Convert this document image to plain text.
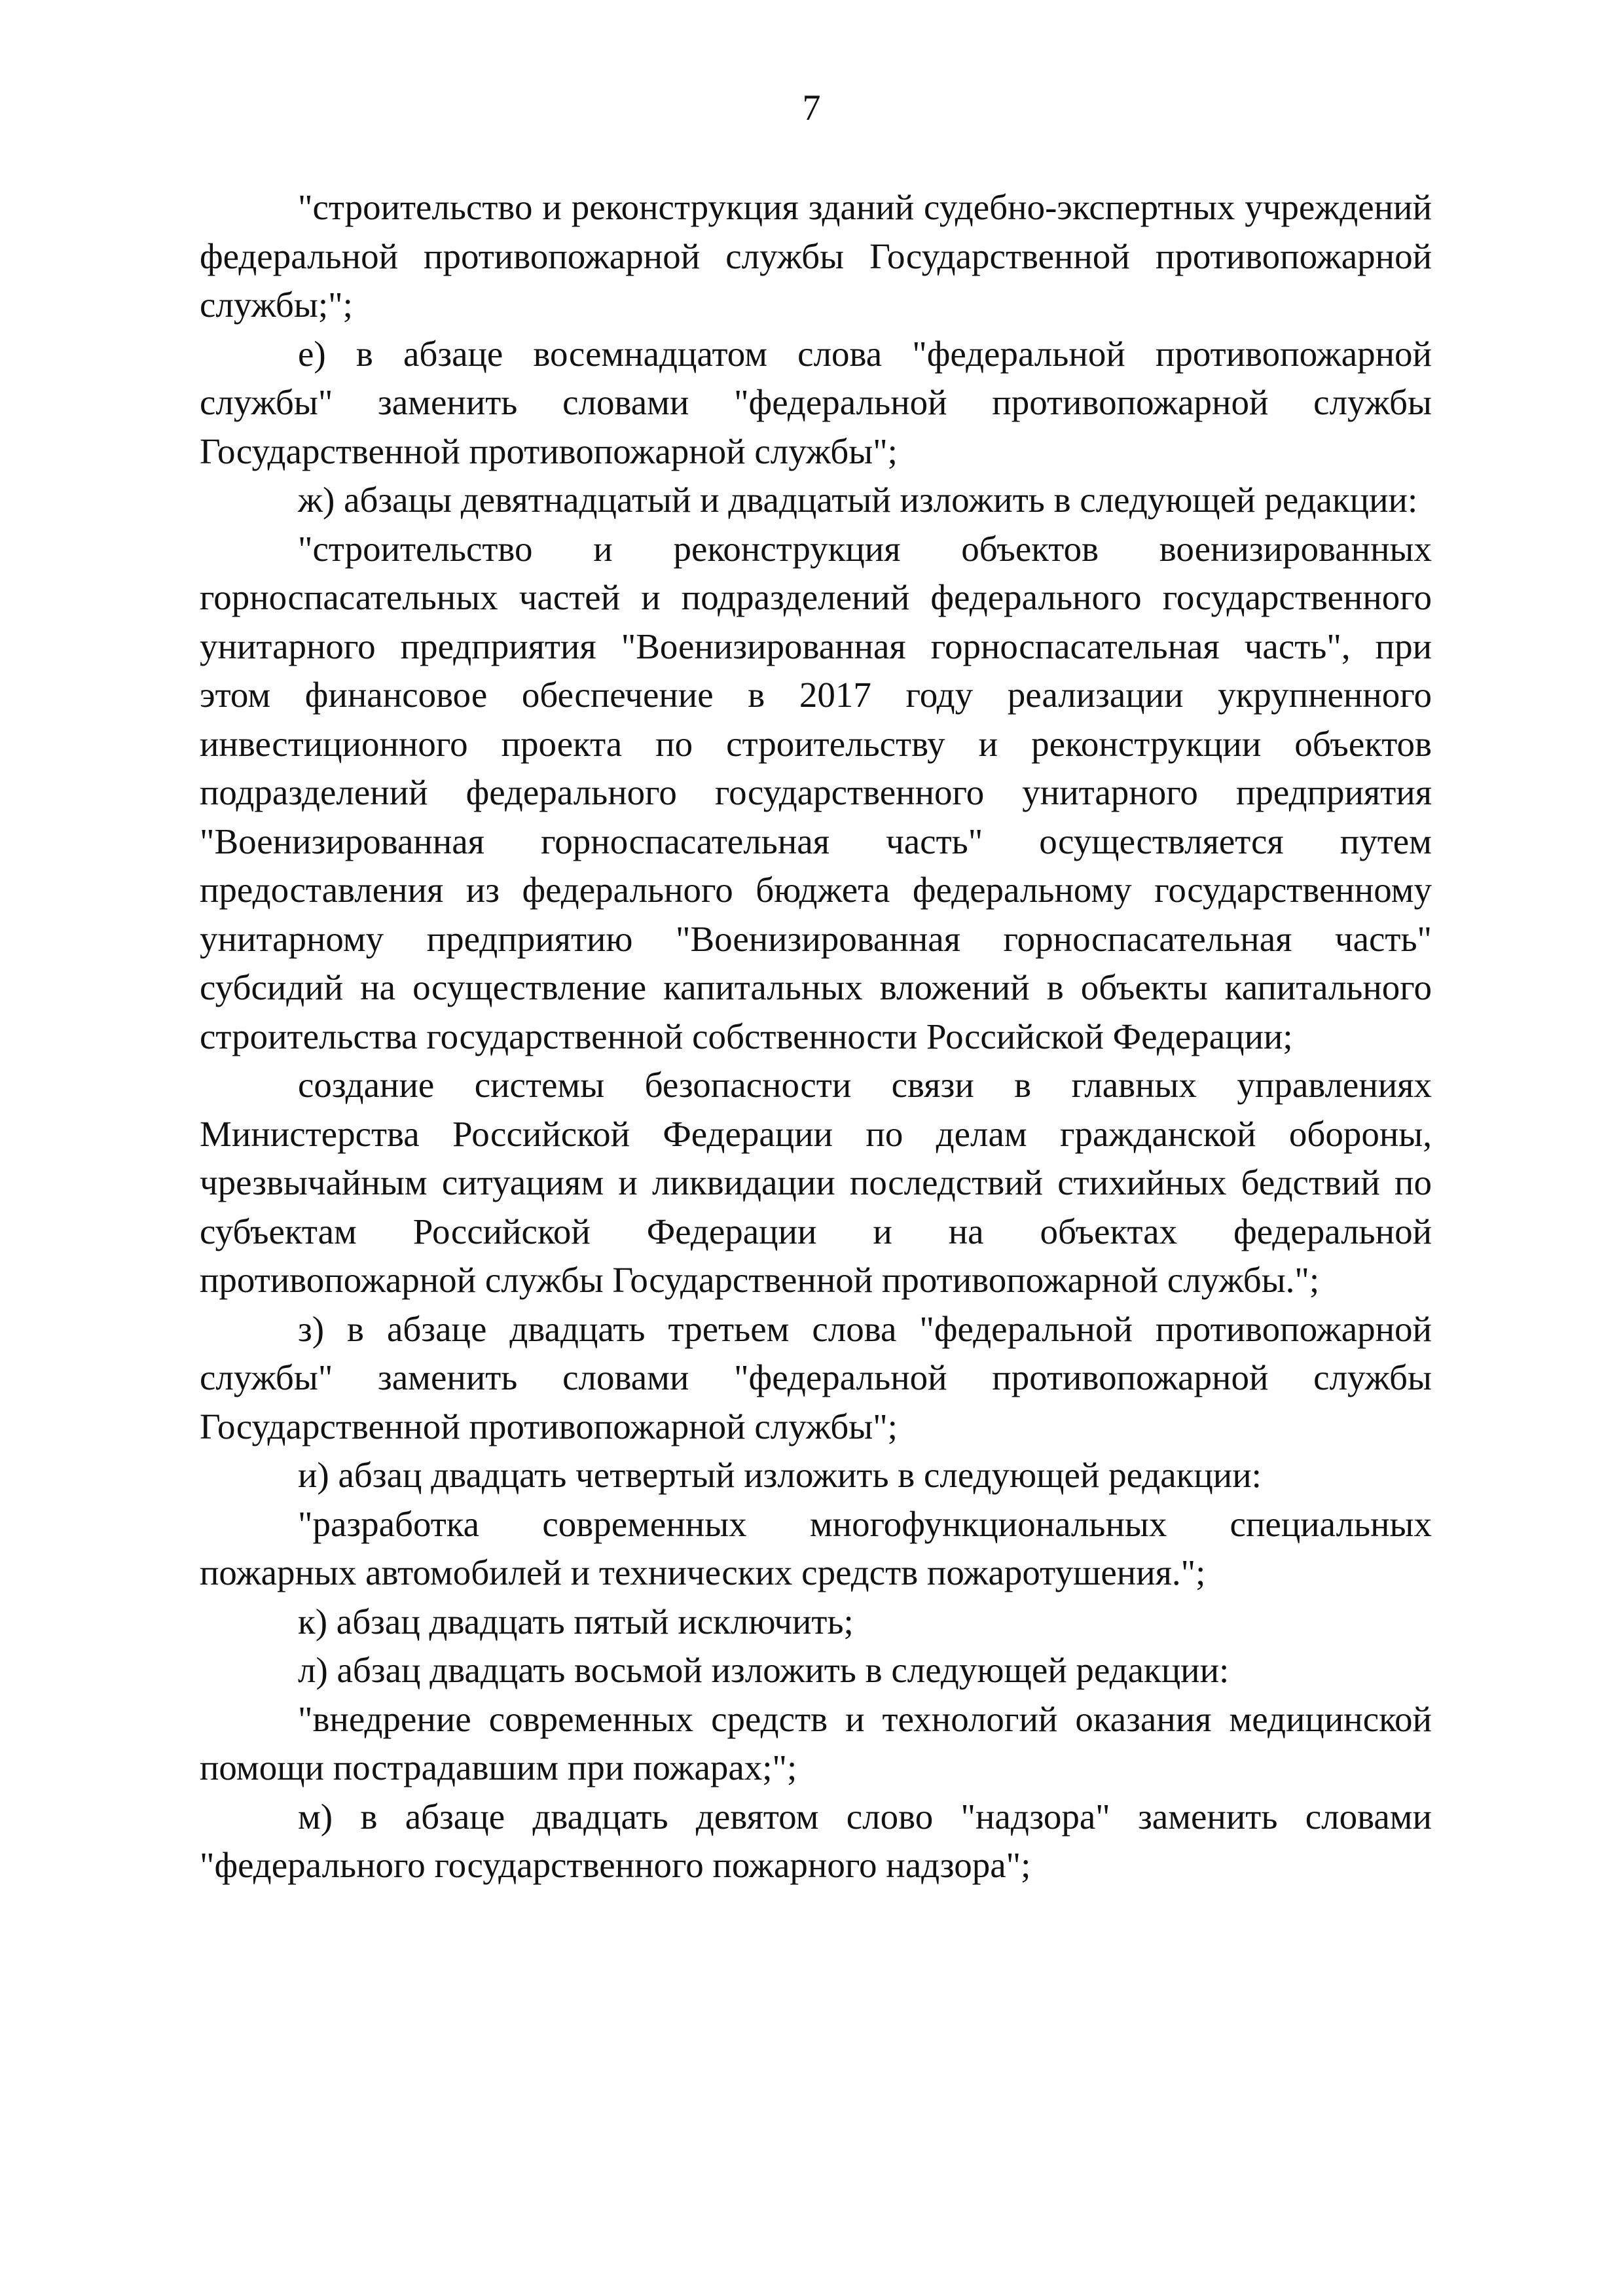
7

"строительство и реконструкция зданий судебно-экспертных учреждений федеральной противопожарной службы Государственной противопожарной службы;";

е) в абзаце восемнадцатом слова "федеральной противопожарной службы" заменить словами "федеральной противопожарной службы Государственной противопожарной службы";

ж) абзацы девятнадцатый и двадцатый изложить в следующей редакции:

"строительство и реконструкция объектов военизированных горноспасательных частей и подразделений федерального государственного унитарного предприятия "Военизированная горноспасательная часть", при этом финансовое обеспечение в 2017 году реализации укрупненного инвестиционного проекта по строительству и реконструкции объектов подразделений федерального государственного унитарного предприятия "Военизированная горноспасательная часть" осуществляется путем предоставления из федерального бюджета федеральному государственному унитарному предприятию "Военизированная горноспасательная часть" субсидий на осуществление капитальных вложений в объекты капитального строительства государственной собственности Российской Федерации;

создание системы безопасности связи в главных управлениях Министерства Российской Федерации по делам гражданской обороны, чрезвычайным ситуациям и ликвидации последствий стихийных бедствий по субъектам Российской Федерации и на объектах федеральной противопожарной службы Государственной противопожарной службы.";

з) в абзаце двадцать третьем слова "федеральной противопожарной службы" заменить словами "федеральной противопожарной службы Государственной противопожарной службы";

и) абзац двадцать четвертый изложить в следующей редакции:

"разработка современных многофункциональных специальных пожарных автомобилей и технических средств пожаротушения.";

к) абзац двадцать пятый исключить;

л) абзац двадцать восьмой изложить в следующей редакции:

"внедрение современных средств и технологий оказания медицинской помощи пострадавшим при пожарах;";

м) в абзаце двадцать девятом слово "надзора" заменить словами "федерального государственного пожарного надзора";
